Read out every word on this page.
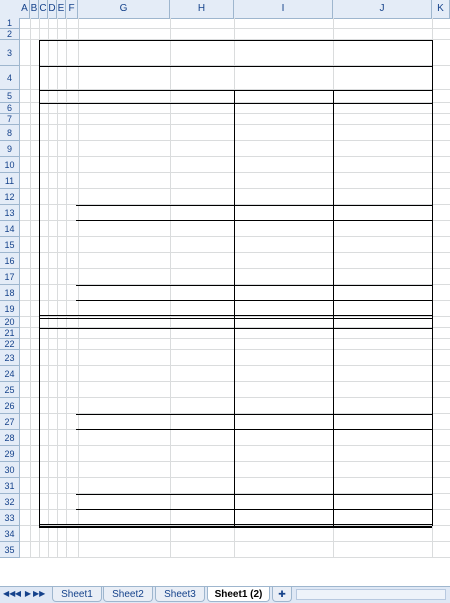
A B C D E F	G	H	I	J	K
1
2
3
4
5
6
7
8
9
10
11
12
13
14
15
16
17
18
19
20
21
22
23
24
25
26
27
28
29
30
31
32
33
34
35
◀◀ ◀ ▶ ▶▶	Sheet1	Sheet2	Sheet3	Sheet1 (2)	✚
